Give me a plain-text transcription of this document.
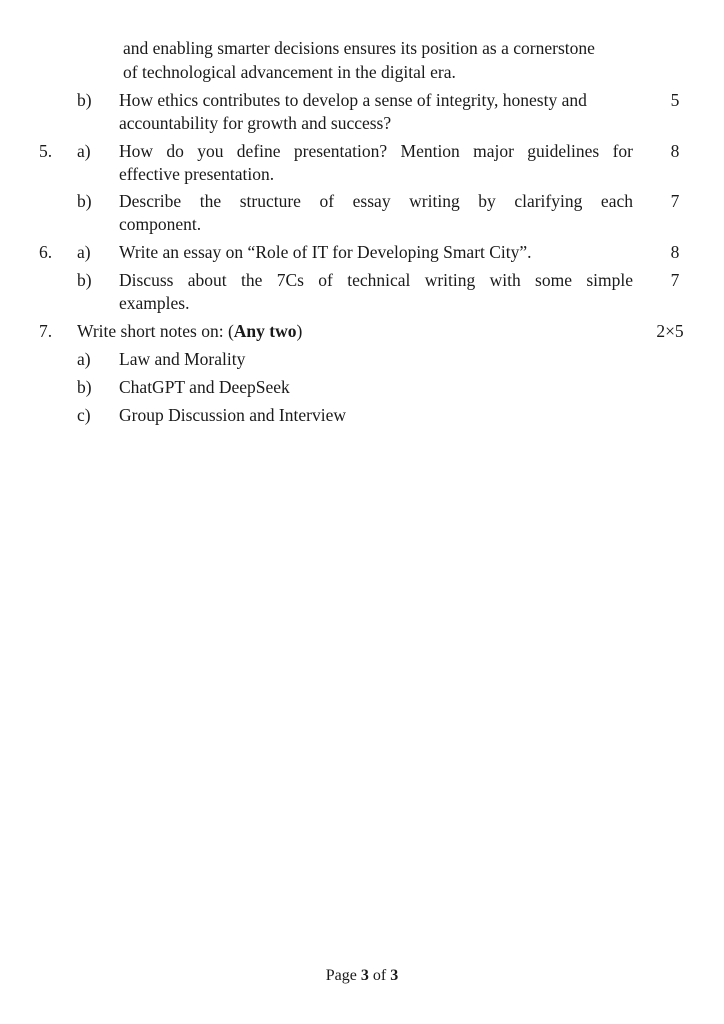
and enabling smarter decisions ensures its position as a cornerstone
of technological advancement in the digital era.
b) How ethics contributes to develop a sense of integrity, honesty and	5
accountability for growth and success?
5. a) How do you define presentation? Mention major guidelines for	8
effective presentation.
b) Describe the structure of essay writing by clarifying each	7
component.
6. a) Write an essay on “Role of IT for Developing Smart City”.	8
b) Discuss about the 7Cs of technical writing with some simple	7
examples.
7. Write short notes on: (Any two)	2×5
a) Law and Morality
b) ChatGPT and DeepSeek
c) Group Discussion and Interview
Page 3 of 3
